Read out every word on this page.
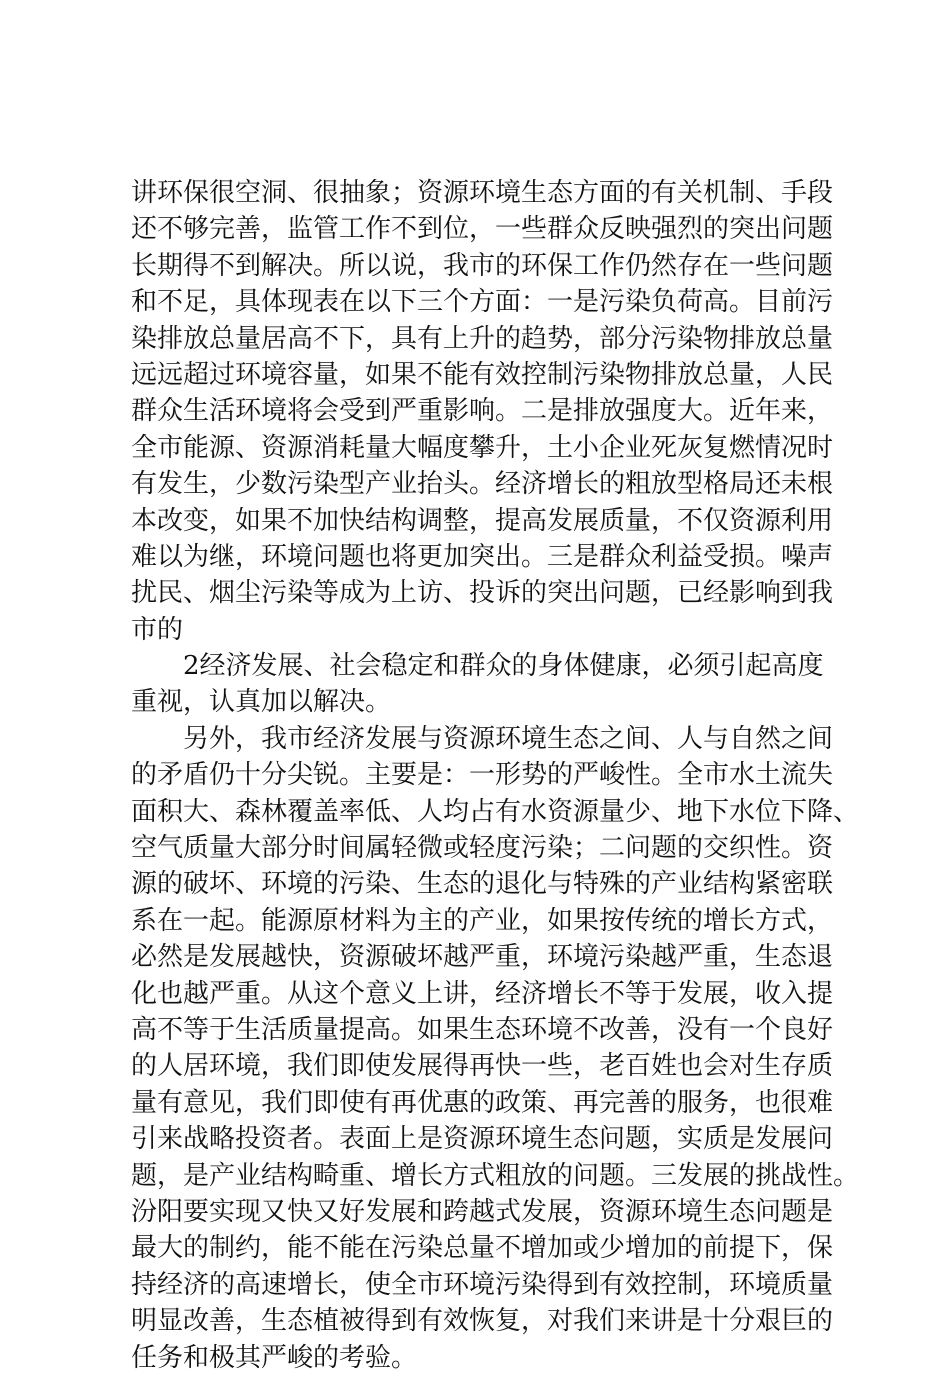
讲环保很空洞、很抽象；资源环境生态方面的有关机制、手段
还不够完善，监管工作不到位，一些群众反映强烈的突出问题
长期得不到解决。所以说，我市的环保工作仍然存在一些问题
和不足，具体现表在以下三个方面：一是污染负荷高。目前污
染排放总量居高不下，具有上升的趋势，部分污染物排放总量
远远超过环境容量，如果不能有效控制污染物排放总量，人民
群众生活环境将会受到严重影响。二是排放强度大。近年来，
全市能源、资源消耗量大幅度攀升，土小企业死灰复燃情况时
有发生，少数污染型产业抬头。经济增长的粗放型格局还未根
本改变，如果不加快结构调整，提高发展质量，不仅资源利用
难以为继，环境问题也将更加突出。三是群众利益受损。噪声
扰民、烟尘污染等成为上访、投诉的突出问题，已经影响到我
市的
2经济发展、社会稳定和群众的身体健康，必须引起高度
重视，认真加以解决。
另外，我市经济发展与资源环境生态之间、人与自然之间
的矛盾仍十分尖锐。主要是：一形势的严峻性。全市水土流失
面积大、森林覆盖率低、人均占有水资源量少、地下水位下降、
空气质量大部分时间属轻微或轻度污染；二问题的交织性。资
源的破坏、环境的污染、生态的退化与特殊的产业结构紧密联
系在一起。能源原材料为主的产业，如果按传统的增长方式，
必然是发展越快，资源破坏越严重，环境污染越严重，生态退
化也越严重。从这个意义上讲，经济增长不等于发展，收入提
高不等于生活质量提高。如果生态环境不改善，没有一个良好
的人居环境，我们即使发展得再快一些，老百姓也会对生存质
量有意见，我们即使有再优惠的政策、再完善的服务，也很难
引来战略投资者。表面上是资源环境生态问题，实质是发展问
题，是产业结构畸重、增长方式粗放的问题。三发展的挑战性。
汾阳要实现又快又好发展和跨越式发展，资源环境生态问题是
最大的制约，能不能在污染总量不增加或少增加的前提下，保
持经济的高速增长，使全市环境污染得到有效控制，环境质量
明显改善，生态植被得到有效恢复，对我们来讲是十分艰巨的
任务和极其严峻的考验。
